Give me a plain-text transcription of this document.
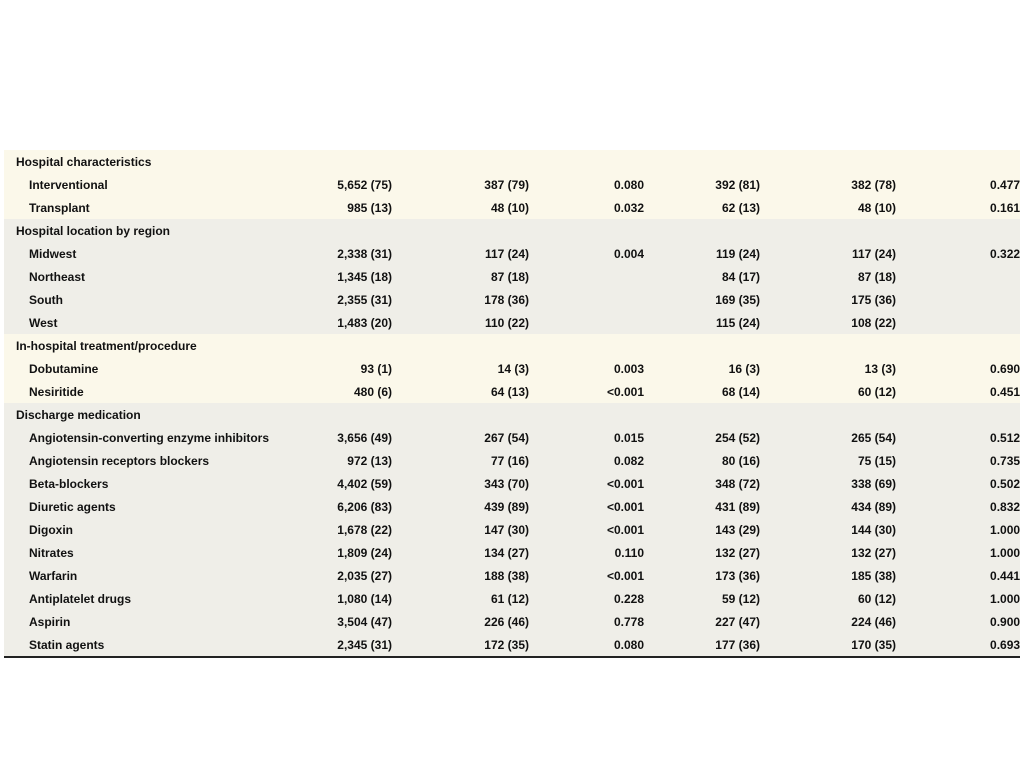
Hospital characteristics						
Interventional	5,652 (75)	387 (79)	0.080	392 (81)	382 (78)	0.477
Transplant	985 (13)	48 (10)	0.032	62 (13)	48 (10)	0.161
Hospital location by region						
Midwest	2,338 (31)	117 (24)	0.004	119 (24)	117 (24)	0.322
Northeast	1,345 (18)	87 (18)		84 (17)	87 (18)	
South	2,355 (31)	178 (36)		169 (35)	175 (36)	
West	1,483 (20)	110 (22)		115 (24)	108 (22)	
In-hospital treatment/procedure						
Dobutamine	93 (1)	14 (3)	0.003	16 (3)	13 (3)	0.690
Nesiritide	480 (6)	64 (13)	<0.001	68 (14)	60 (12)	0.451
Discharge medication						
Angiotensin-converting enzyme inhibitors	3,656 (49)	267 (54)	0.015	254 (52)	265 (54)	0.512
Angiotensin receptors blockers	972 (13)	77 (16)	0.082	80 (16)	75 (15)	0.735
Beta-blockers	4,402 (59)	343 (70)	<0.001	348 (72)	338 (69)	0.502
Diuretic agents	6,206 (83)	439 (89)	<0.001	431 (89)	434 (89)	0.832
Digoxin	1,678 (22)	147 (30)	<0.001	143 (29)	144 (30)	1.000
Nitrates	1,809 (24)	134 (27)	0.110	132 (27)	132 (27)	1.000
Warfarin	2,035 (27)	188 (38)	<0.001	173 (36)	185 (38)	0.441
Antiplatelet drugs	1,080 (14)	61 (12)	0.228	59 (12)	60 (12)	1.000
Aspirin	3,504 (47)	226 (46)	0.778	227 (47)	224 (46)	0.900
Statin agents	2,345 (31)	172 (35)	0.080	177 (36)	170 (35)	0.693
